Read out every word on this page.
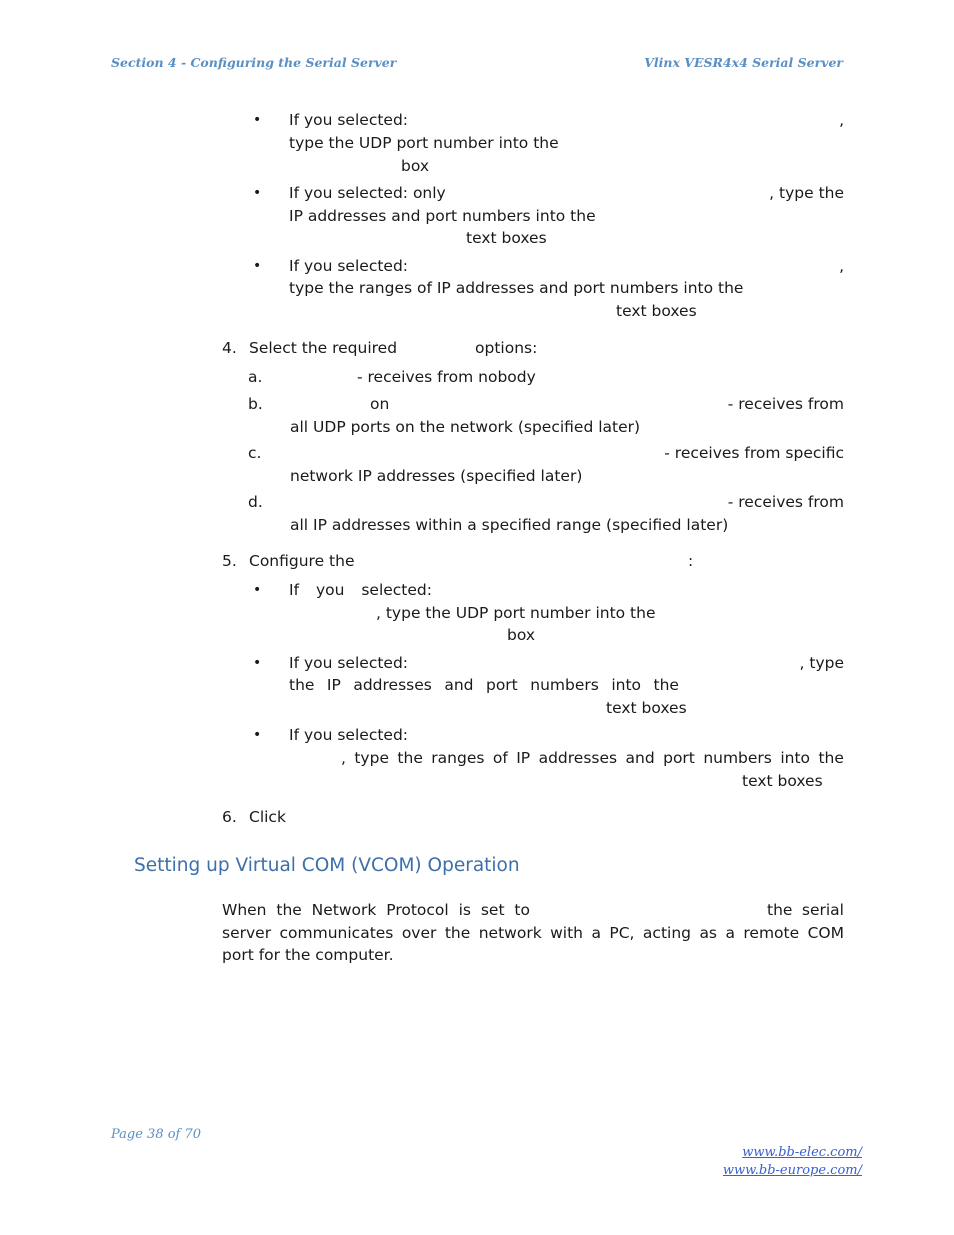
Section 4 - Configuring the Serial Server	Vlinx VESR4x4 Serial Server
• If you selected:	,
type the UDP port number into the
box
• If you selected: only	, type the
IP addresses and port numbers into the
text boxes
• If you selected:	,
type the ranges of IP addresses and port numbers into the
text boxes
4. Select the required	options:
a.	- receives from nobody
b.	on	- receives from
all UDP ports on the network (specified later)
c.	- receives from specific
network IP addresses (specified later)
d.	- receives from
all IP addresses within a specified range (specified later)
5. Configure the	:
• If you selected:
, type the UDP port number into the
box
• If you selected:	, type
the IP addresses and port numbers into the
text boxes
• If you selected:
, type the ranges of IP addresses and port numbers into the
text boxes
6. Click
Setting up Virtual COM (VCOM) Operation
When the Network Protocol is set to	the serial
server communicates over the network with a PC, acting as a remote COM
port for the computer.
Page 38 of 70
www.bb-elec.com/
www.bb-europe.com/
